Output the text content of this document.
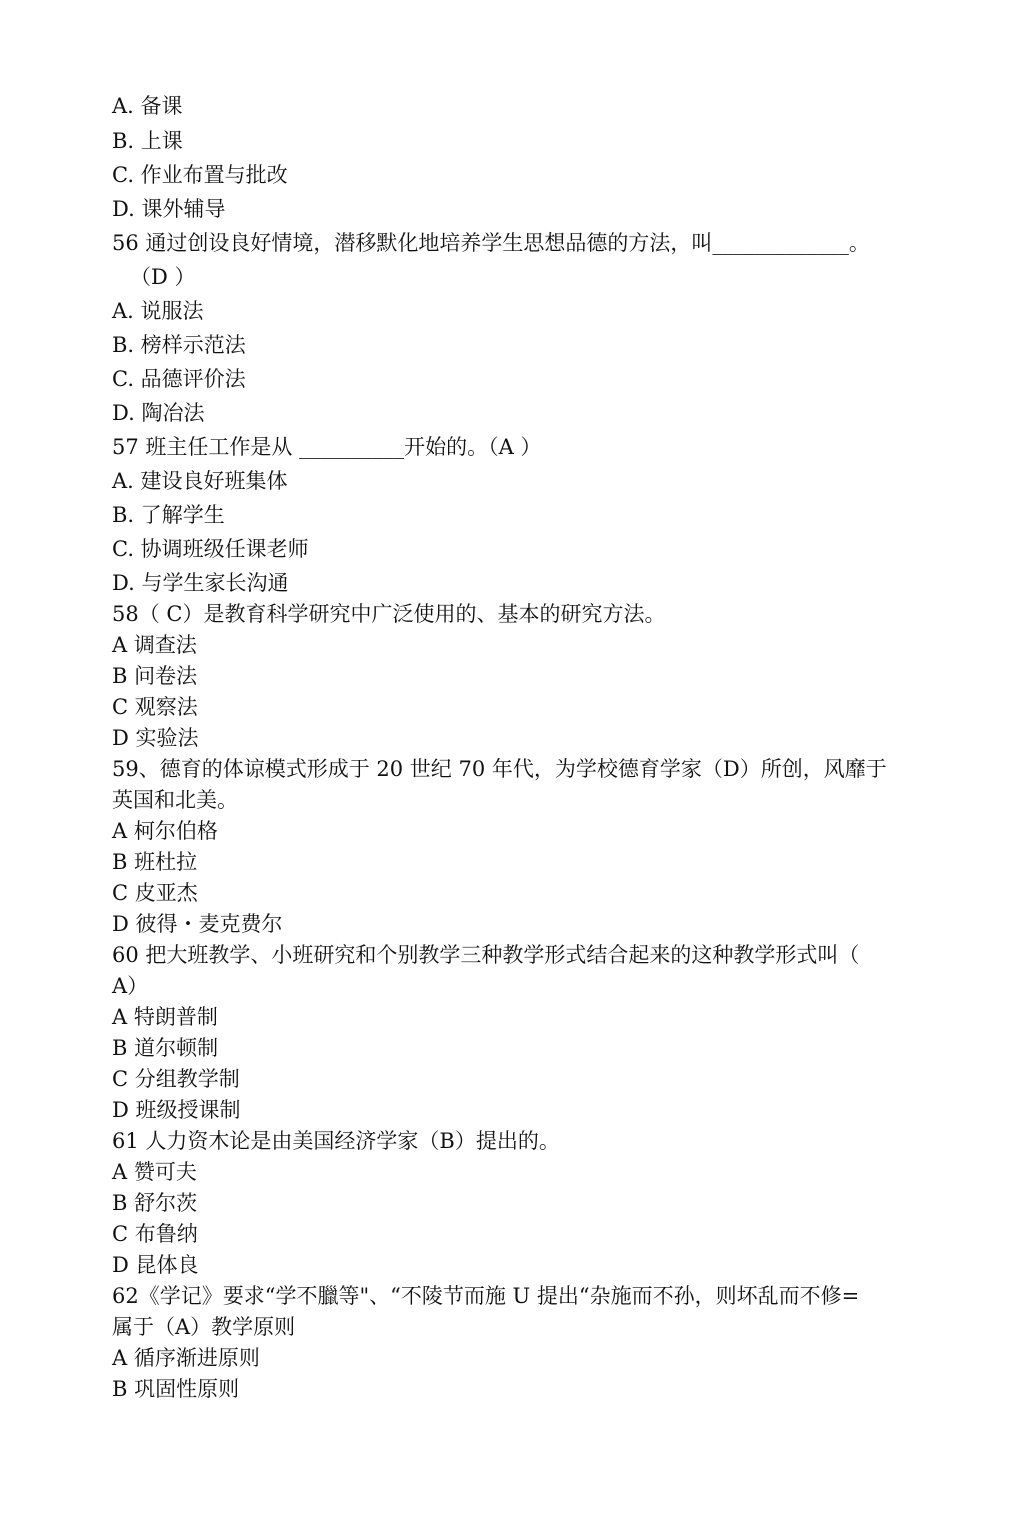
A. 备课
B. 上课
C. 作业布置与批改
D. 课外辅导
56 通过创设良好情境，潜移默化地培养学生思想品德的方法，叫_____________。
（D ）
A. 说服法
B. 榜样示范法
C. 品德评价法
D. 陶冶法
57 班主任工作是从 __________开始的。（A ）
A. 建设良好班集体
B. 了解学生
C. 协调班级任课老师
D. 与学生家长沟通
58（ C）是教育科学研究中广泛使用的、基本的研究方法。
A 调查法
B 问卷法
C 观察法
D 实验法
59、德育的体谅模式形成于 20 世纪 70 年代，为学校德育学家（D）所创，风靡于
英国和北美。
A 柯尔伯格
B 班杜拉
C 皮亚杰
D 彼得・麦克费尔
60 把大班教学、小班研究和个别教学三种教学形式结合起来的这种教学形式叫（
A）
A 特朗普制
B 道尔顿制
C 分组教学制
D 班级授课制
61 人力资木论是由美国经济学家（B）提出的。
A 赞可夫
B 舒尔茨
C 布鲁纳
D 昆体良
62《学记》要求“学不臘等"、“不陵节而施 U 提出“杂施而不孙，则坏乱而不修=
属于（A）教学原则
A 循序渐进原则
B 巩固性原则
